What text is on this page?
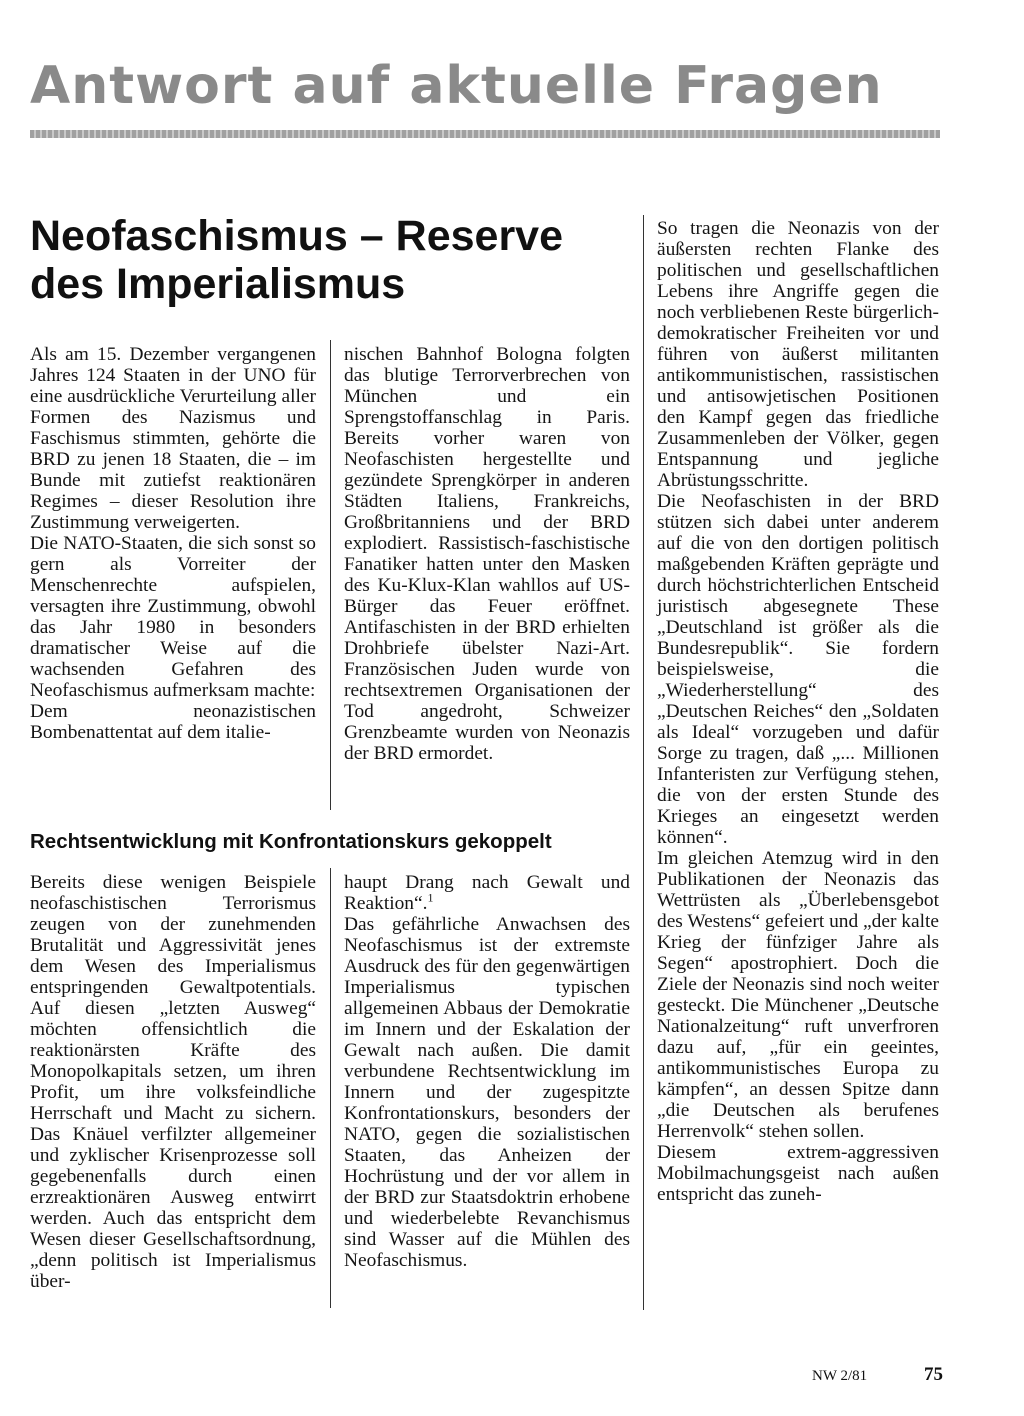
Antwort auf aktuelle Fragen
Neofaschismus – Reserve
des Imperialismus

Als am 15. Dezember vergangenen Jahres 124 Staaten in der UNO für eine ausdrückliche Verurteilung aller Formen des Nazismus und Faschismus stimmten, gehörte die BRD zu jenen 18 Staaten, die – im Bunde mit zutiefst reaktionären Regimes – dieser Resolution ihre Zustimmung verweigerten.

Die NATO-Staaten, die sich sonst so gern als Vorreiter der Menschenrechte aufspielen, versagten ihre Zustimmung, obwohl das Jahr 1980 in besonders dramatischer Weise auf die wachsenden Gefahren des Neofaschismus aufmerksam machte:

Dem neonazistischen Bombenattentat auf dem italie-

nischen Bahnhof Bologna folgten das blutige Terrorverbrechen von München und ein Sprengstoffanschlag in Paris. Bereits vorher waren von Neofaschisten hergestellte und gezündete Sprengkörper in anderen Städten Italiens, Frankreichs, Großbritanniens und der BRD explodiert. Rassistisch-faschistische Fanatiker hatten unter den Masken des Ku-Klux-Klan wahllos auf US-Bürger das Feuer eröffnet. Antifaschisten in der BRD erhielten Drohbriefe übelster Nazi-Art. Französischen Juden wurde von rechtsextremen Organisationen der Tod angedroht, Schweizer Grenzbeamte wurden von Neonazis der BRD ermordet.

Rechtsentwicklung mit Konfrontationskurs gekoppelt

Bereits diese wenigen Beispiele neofaschistischen Terrorismus zeugen von der zunehmenden Brutalität und Aggressivität jenes dem Wesen des Imperialismus entspringenden Gewaltpotentials. Auf diesen „letzten Ausweg“ möchten offensichtlich die reaktionärsten Kräfte des Monopolkapitals setzen, um ihren Profit, um ihre volksfeindliche Herrschaft und Macht zu sichern. Das Knäuel verfilzter allgemeiner und zyklischer Krisenprozesse soll gegebenenfalls durch einen erzreaktionären Ausweg entwirrt werden. Auch das entspricht dem Wesen dieser Gesellschaftsordnung, „denn politisch ist Imperialismus über-

haupt Drang nach Gewalt und Reaktion“.$^1$

Das gefährliche Anwachsen des Neofaschismus ist der extremste Ausdruck des für den gegenwärtigen Imperialismus typischen allgemeinen Abbaus der Demokratie im Innern und der Eskalation der Gewalt nach außen. Die damit verbundene Rechtsentwicklung im Innern und der zugespitzte Konfrontationskurs, besonders der NATO, gegen die sozialistischen Staaten, das Anheizen der Hochrüstung und der vor allem in der BRD zur Staatsdoktrin erhobene und wiederbelebte Revanchismus sind Wasser auf die Mühlen des Neofaschismus.

So tragen die Neonazis von der äußersten rechten Flanke des politischen und gesellschaftlichen Lebens ihre Angriffe gegen die noch verbliebenen Reste bürgerlich-demokratischer Freiheiten vor und führen von äußerst militanten antikommunistischen, rassistischen und antisowjetischen Positionen den Kampf gegen das friedliche Zusammenleben der Völker, gegen Entspannung und jegliche Abrüstungsschritte.

Die Neofaschisten in der BRD stützen sich dabei unter anderem auf die von den dortigen politisch maßgebenden Kräften geprägte und durch höchstrichterlichen Entscheid juristisch abgesegnete These „Deutschland ist größer als die Bundesrepublik“. Sie fordern beispielsweise, die „Wiederherstellung“ des „Deutschen Reiches“ den „Soldaten als Ideal“ vorzugeben und dafür Sorge zu tragen, daß „... Millionen Infanteristen zur Verfügung stehen, die von der ersten Stunde des Krieges an eingesetzt werden können“.

Im gleichen Atemzug wird in den Publikationen der Neonazis das Wettrüsten als „Überlebensgebot des Westens“ gefeiert und „der kalte Krieg der fünfziger Jahre als Segen“ apostrophiert. Doch die Ziele der Neonazis sind noch weiter gesteckt. Die Münchener „Deutsche Nationalzeitung“ ruft unverfroren dazu auf, „für ein geeintes, antikommunistisches Europa zu kämpfen“, an dessen Spitze dann „die Deutschen als berufenes Herrenvolk“ stehen sollen.

Diesem extrem-aggressiven Mobilmachungsgeist nach außen entspricht das zuneh-

NW 2/81	75
